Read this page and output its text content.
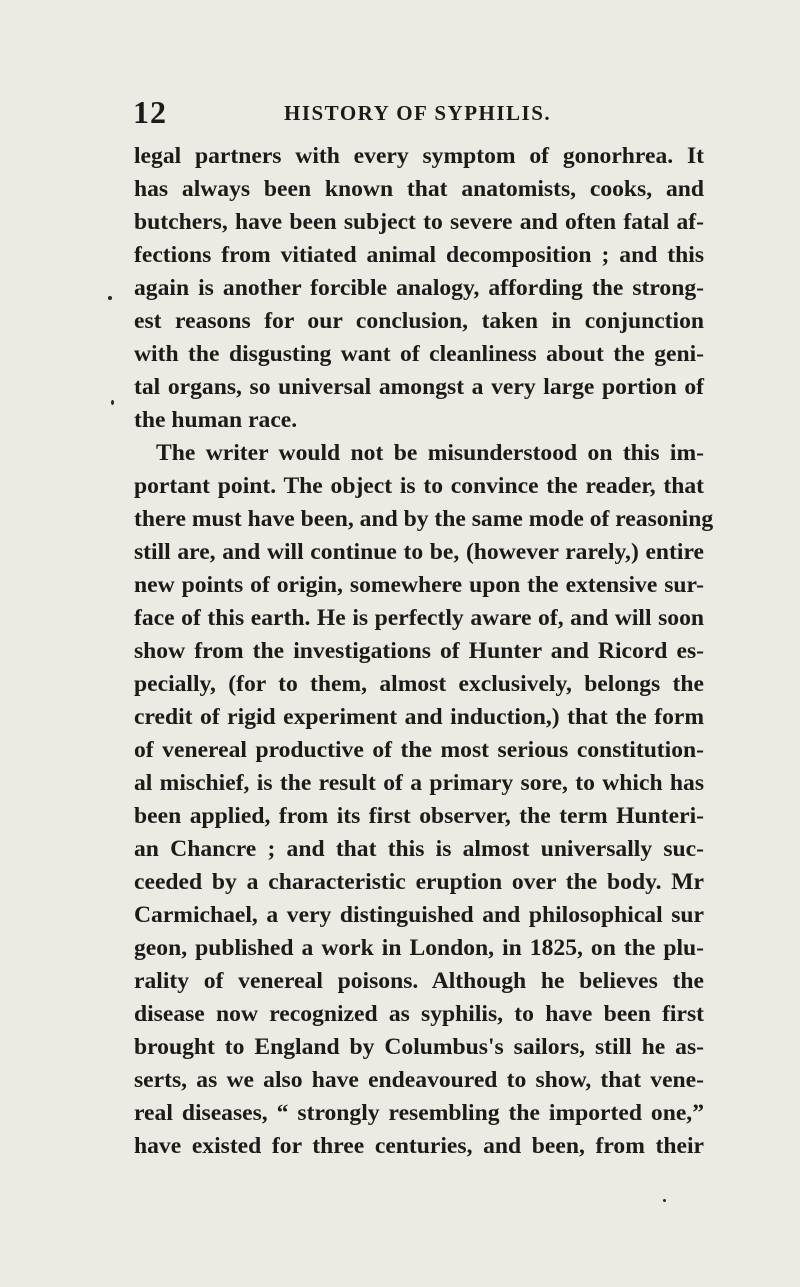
12	HISTORY OF SYPHILIS.
legal partners with every symptom of gonorhrea. It
has always been known that anatomists, cooks, and
butchers, have been subject to severe and often fatal af-
fections from vitiated animal decomposition ; and this
again is another forcible analogy, affording the strong-
est reasons for our conclusion, taken in conjunction
with the disgusting want of cleanliness about the geni-
tal organs, so universal amongst a very large portion of
the human race.
The writer would not be misunderstood on this im-
portant point. The object is to convince the reader, that
there must have been, and by the same mode of reasoning
still are, and will continue to be, (however rarely,) entire
new points of origin, somewhere upon the extensive sur-
face of this earth. He is perfectly aware of, and will soon
show from the investigations of Hunter and Ricord es-
pecially, (for to them, almost exclusively, belongs the
credit of rigid experiment and induction,) that the form
of venereal productive of the most serious constitution-
al mischief, is the result of a primary sore, to which has
been applied, from its first observer, the term Hunteri-
an Chancre ; and that this is almost universally suc-
ceeded by a characteristic eruption over the body. Mr
Carmichael, a very distinguished and philosophical sur
geon, published a work in London, in 1825, on the plu-
rality of venereal poisons. Although he believes the
disease now recognized as syphilis, to have been first
brought to England by Columbus's sailors, still he as-
serts, as we also have endeavoured to show, that vene-
real diseases, “ strongly resembling the imported one,”
have existed for three centuries, and been, from their
